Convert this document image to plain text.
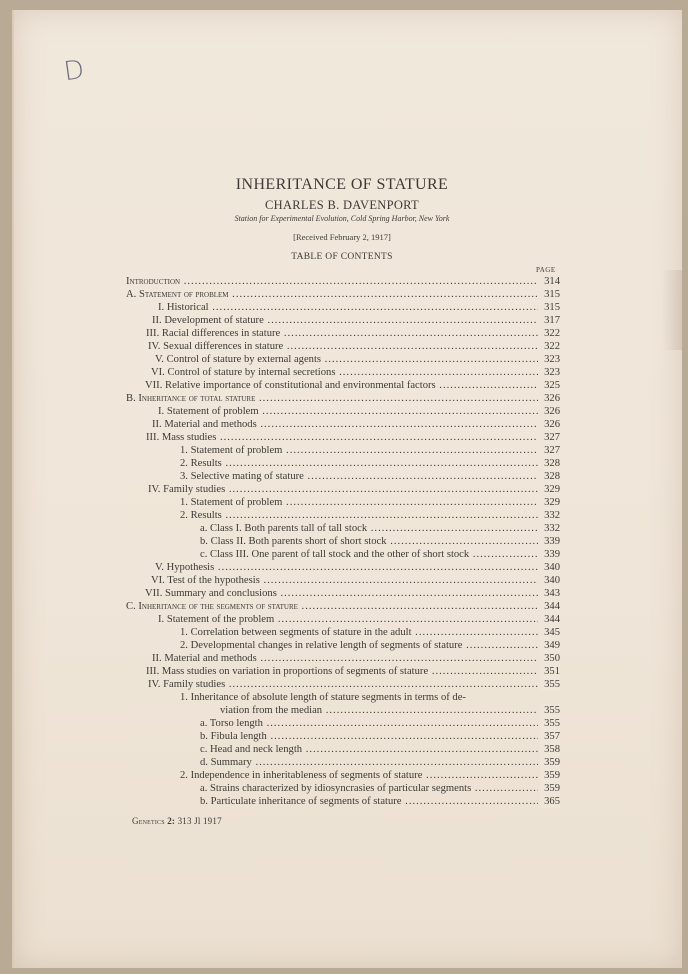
D
INHERITANCE OF STATURE
CHARLES B. DAVENPORT
Station for Experimental Evolution, Cold Spring Harbor, New York
[Received February 2, 1917]
TABLE OF CONTENTS
PAGE
Introduction .....	314
A. Statement of problem .....	315
I. Historical .....	315
II. Development of stature .....	317
III. Racial differences in stature .....	322
IV. Sexual differences in stature .....	322
V. Control of stature by external agents .....	323
VI. Control of stature by internal secretions .....	323
VII. Relative importance of constitutional and environmental factors .....	325
B. Inheritance of total stature .....	326
I. Statement of problem .....	326
II. Material and methods .....	326
III. Mass studies .....	327
1. Statement of problem .....	327
2. Results .....	328
3. Selective mating of stature .....	328
IV. Family studies .....	329
1. Statement of problem .....	329
2. Results .....	332
a. Class I. Both parents tall of tall stock .....	332
b. Class II. Both parents short of short stock .....	339
c. Class III. One parent of tall stock and the other of short stock .....	339
V. Hypothesis .....	340
VI. Test of the hypothesis .....	340
VII. Summary and conclusions .....	343
C. Inheritance of the segments of stature .....	344
I. Statement of the problem .....	344
1. Correlation between segments of stature in the adult .....	345
2. Developmental changes in relative length of segments of stature .....	349
II. Material and methods .....	350
III. Mass studies on variation in proportions of segments of stature .....	351
IV. Family studies .....	355
1. Inheritance of absolute length of stature segments in terms of de-
viation from the median .....	355
a. Torso length .....	355
b. Fibula length .....	357
c. Head and neck length .....	358
d. Summary .....	359
2. Independence in inheritableness of segments of stature .....	359
a. Strains characterized by idiosyncrasies of particular segments .....	359
b. Particulate inheritance of segments of stature .....	365
Genetics 2: 313 Jl 1917
